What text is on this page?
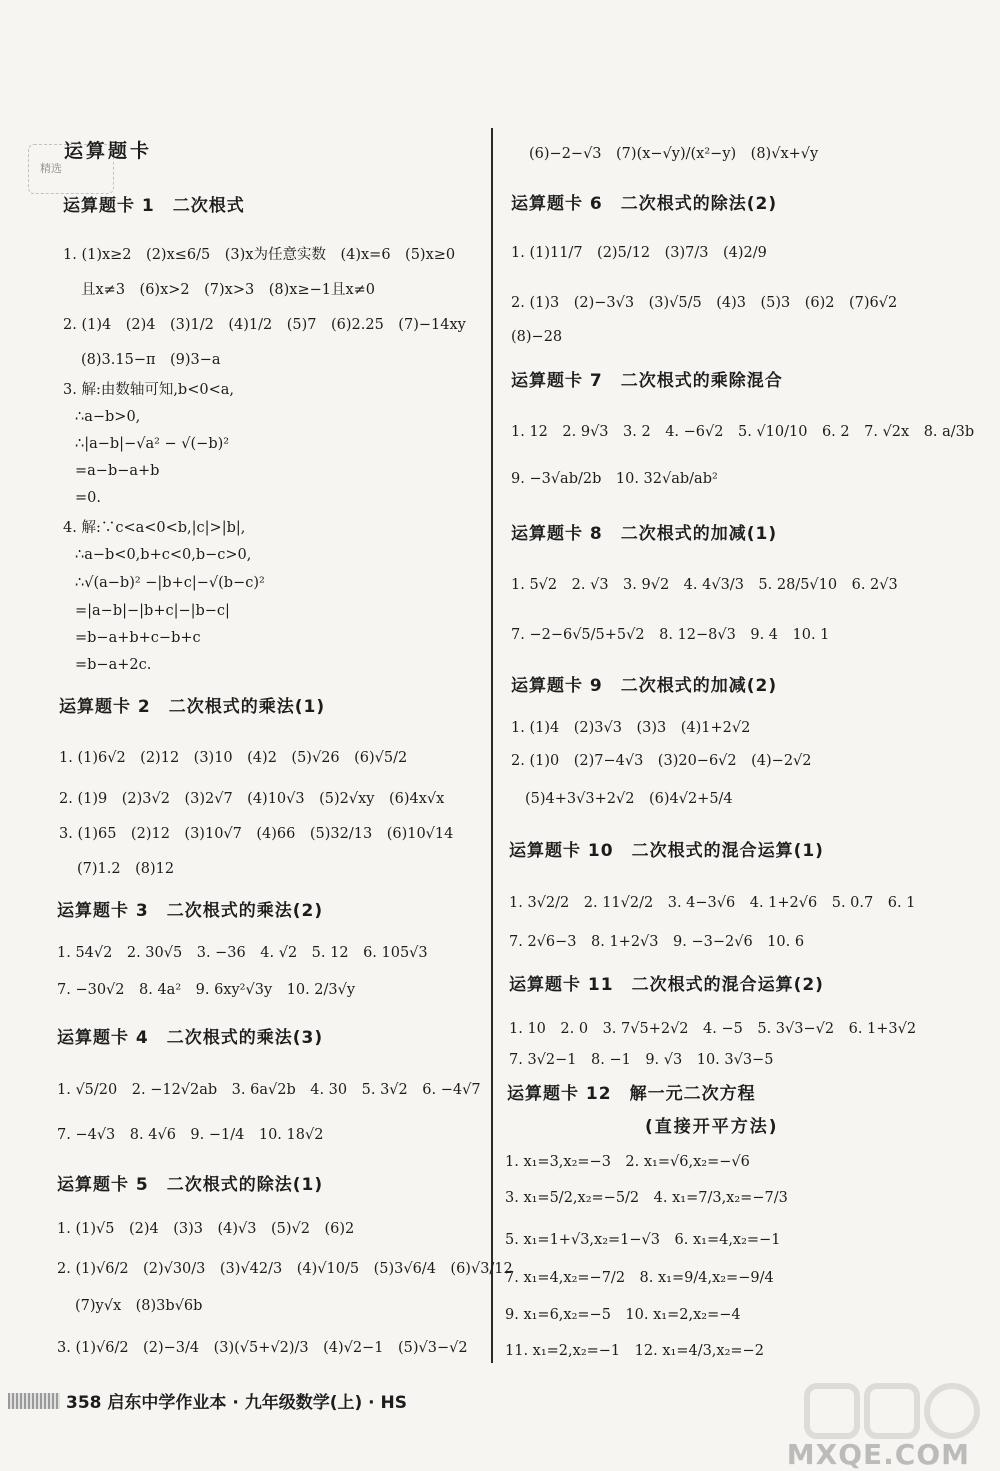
精选
运算题卡
运算题卡 1　二次根式
1. (1)x≥2　(2)x≤6/5　(3)x为任意实数　(4)x=6　(5)x≥0
且x≠3　(6)x>2　(7)x>3　(8)x≥−1且x≠0
2. (1)4　(2)4　(3)1/2　(4)1/2　(5)7　(6)2.25　(7)−14xy
(8)3.15−π　(9)3−a
3. 解:由数轴可知,b<0<a,
∴a−b>0,
∴|a−b|−√a² − √(−b)²
=a−b−a+b
=0.
4. 解:∵c<a<0<b,|c|>|b|,
∴a−b<0,b+c<0,b−c>0,
∴√(a−b)² −|b+c|−√(b−c)²
=|a−b|−|b+c|−|b−c|
=b−a+b+c−b+c
=b−a+2c.
运算题卡 2　二次根式的乘法(1)
1. (1)6√2　(2)12　(3)10　(4)2　(5)√26　(6)√5/2
2. (1)9　(2)3√2　(3)2√7　(4)10√3　(5)2√xy　(6)4x√x
3. (1)65　(2)12　(3)10√7　(4)66　(5)32/13　(6)10√14
(7)1.2　(8)12
运算题卡 3　二次根式的乘法(2)
1. 54√2　2. 30√5　3. −36　4. √2　5. 12　6. 105√3
7. −30√2　8. 4a²　9. 6xy²√3y　10. 2/3√y
运算题卡 4　二次根式的乘法(3)
1. √5/20　2. −12√2ab　3. 6a√2b　4. 30　5. 3√2　6. −4√7
7. −4√3　8. 4√6　9. −1/4　10. 18√2
运算题卡 5　二次根式的除法(1)
1. (1)√5　(2)4　(3)3　(4)√3　(5)√2　(6)2
2. (1)√6/2　(2)√30/3　(3)√42/3　(4)√10/5　(5)3√6/4　(6)√3/12
(7)y√x　(8)3b√6b
3. (1)√6/2　(2)−3/4　(3)(√5+√2)/3　(4)√2−1　(5)√3−√2
(6)−2−√3　(7)(x−√y)/(x²−y)　(8)√x+√y
运算题卡 6　二次根式的除法(2)
1. (1)11/7　(2)5/12　(3)7/3　(4)2/9
2. (1)3　(2)−3√3　(3)√5/5　(4)3　(5)3　(6)2　(7)6√2
(8)−28
运算题卡 7　二次根式的乘除混合
1. 12　2. 9√3　3. 2　4. −6√2　5. √10/10　6. 2　7. √2x　8. a/3b
9. −3√ab/2b　10. 32√ab/ab²
运算题卡 8　二次根式的加减(1)
1. 5√2　2. √3　3. 9√2　4. 4√3/3　5. 28/5√10　6. 2√3
7. −2−6√5/5+5√2　8. 12−8√3　9. 4　10. 1
运算题卡 9　二次根式的加减(2)
1. (1)4　(2)3√3　(3)3　(4)1+2√2
2. (1)0　(2)7−4√3　(3)20−6√2　(4)−2√2
(5)4+3√3+2√2　(6)4√2+5/4
运算题卡 10　二次根式的混合运算(1)
1. 3√2/2　2. 11√2/2　3. 4−3√6　4. 1+2√6　5. 0.7　6. 1
7. 2√6−3　8. 1+2√3　9. −3−2√6　10. 6
运算题卡 11　二次根式的混合运算(2)
1. 10　2. 0　3. 7√5+2√2　4. −5　5. 3√3−√2　6. 1+3√2
7. 3√2−1　8. −1　9. √3　10. 3√3−5
运算题卡 12　解一元二次方程
(直接开平方法)
1. x₁=3,x₂=−3　2. x₁=√6,x₂=−√6
3. x₁=5/2,x₂=−5/2　4. x₁=7/3,x₂=−7/3
5. x₁=1+√3,x₂=1−√3　6. x₁=4,x₂=−1
7. x₁=4,x₂=−7/2　8. x₁=9/4,x₂=−9/4
9. x₁=6,x₂=−5　10. x₁=2,x₂=−4
11. x₁=2,x₂=−1　12. x₁=4/3,x₂=−2
358 启东中学作业本 · 九年级数学(上) · HS
MXQE.COM
